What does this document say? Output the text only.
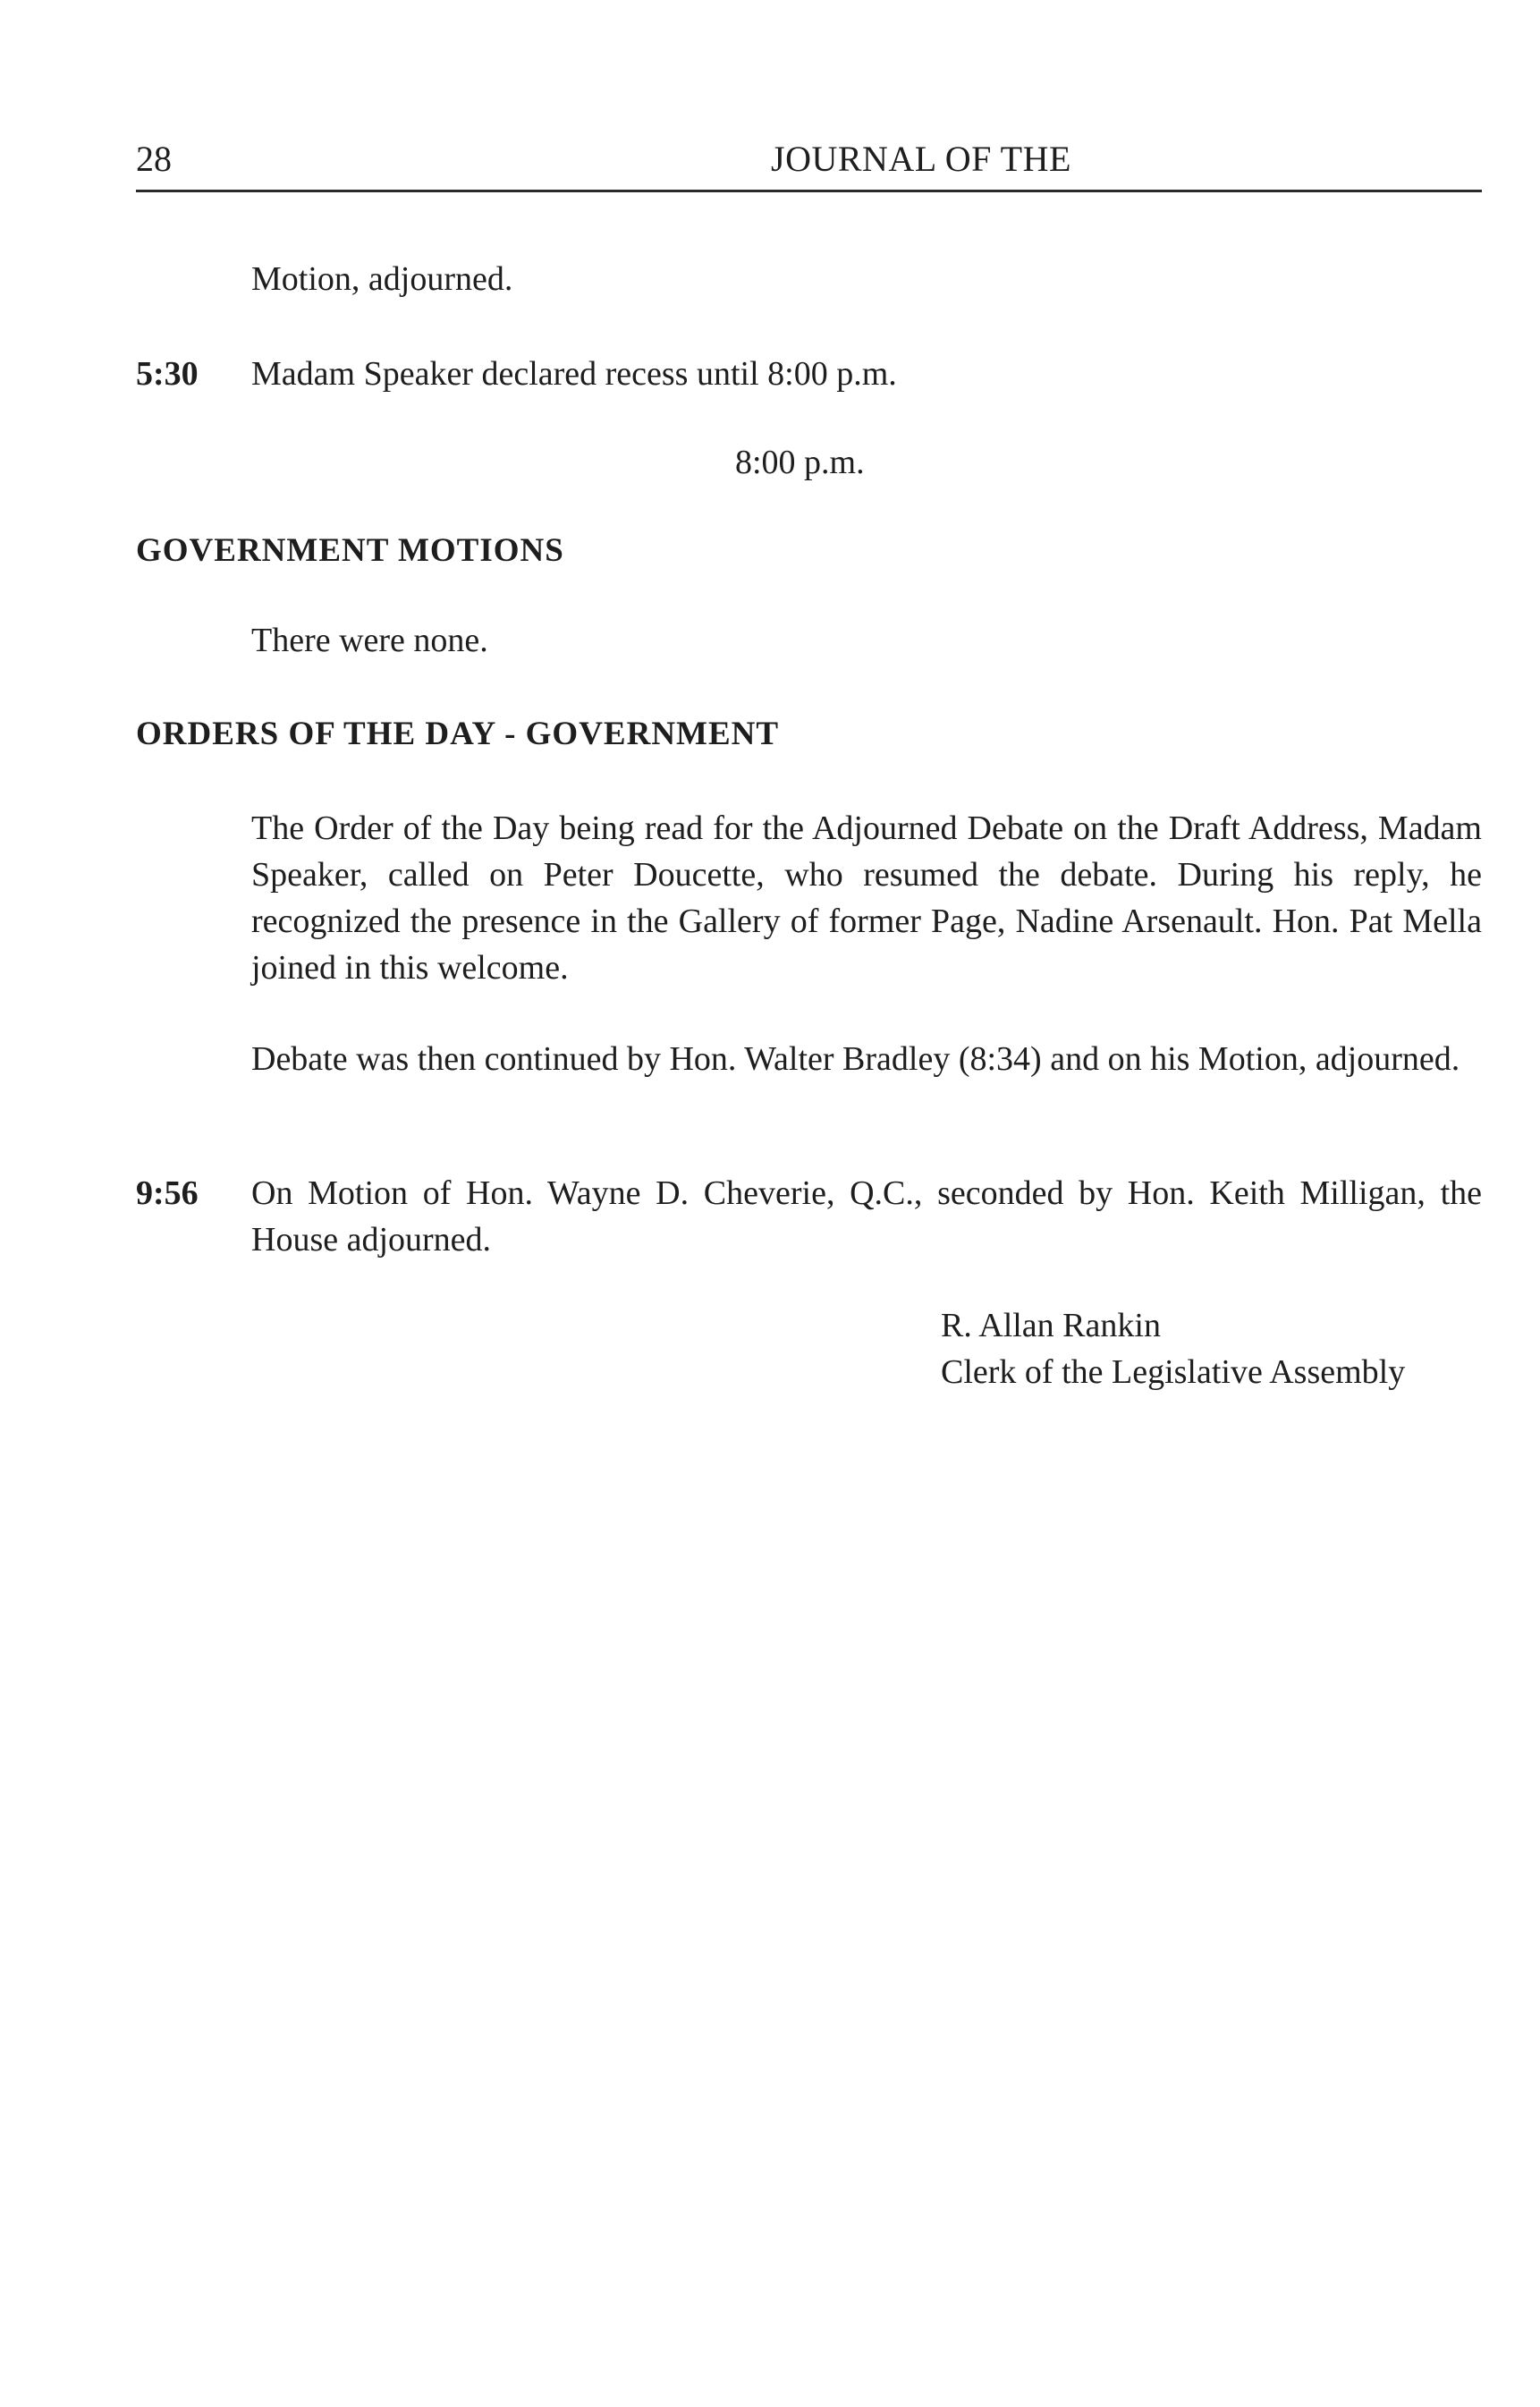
28	JOURNAL OF THE
Motion, adjourned.
5:30 Madam Speaker declared recess until 8:00 p.m.
8:00 p.m.
GOVERNMENT MOTIONS
There were none.
ORDERS OF THE DAY - GOVERNMENT
The Order of the Day being read for the Adjourned Debate on the Draft Address, Madam Speaker, called on Peter Doucette, who resumed the debate. During his reply, he recognized the presence in the Gallery of former Page, Nadine Arsenault. Hon. Pat Mella joined in this welcome.
Debate was then continued by Hon. Walter Bradley (8:34) and on his Motion, adjourned.
9:56 On Motion of Hon. Wayne D. Cheverie, Q.C., seconded by Hon. Keith Milligan, the House adjourned.
R. Allan Rankin
Clerk of the Legislative Assembly
